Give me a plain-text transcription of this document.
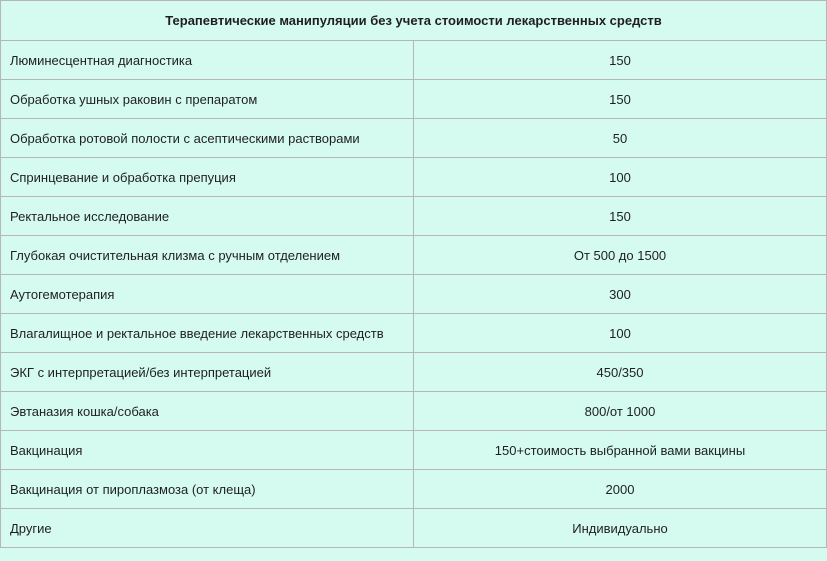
Терапевтические манипуляции без учета стоимости лекарственных средств	
Люминесцентная диагностика	150
Обработка ушных раковин с препаратом	150
Обработка ротовой полости с асептическими растворами	50
Спринцевание и обработка препуция	100
Ректальное исследование	150
Глубокая очистительная клизма с ручным отделением	От 500 до 1500
Аутогемотерапия	300
Влагалищное и ректальное введение лекарственных средств	100
ЭКГ с интерпретацией/без интерпретацией	450/350
Эвтаназия кошка/собака	800/от 1000
Вакцинация	150+стоимость выбранной вами вакцины
Вакцинация от пироплазмоза (от клеща)	2000
Другие	Индивидуально
